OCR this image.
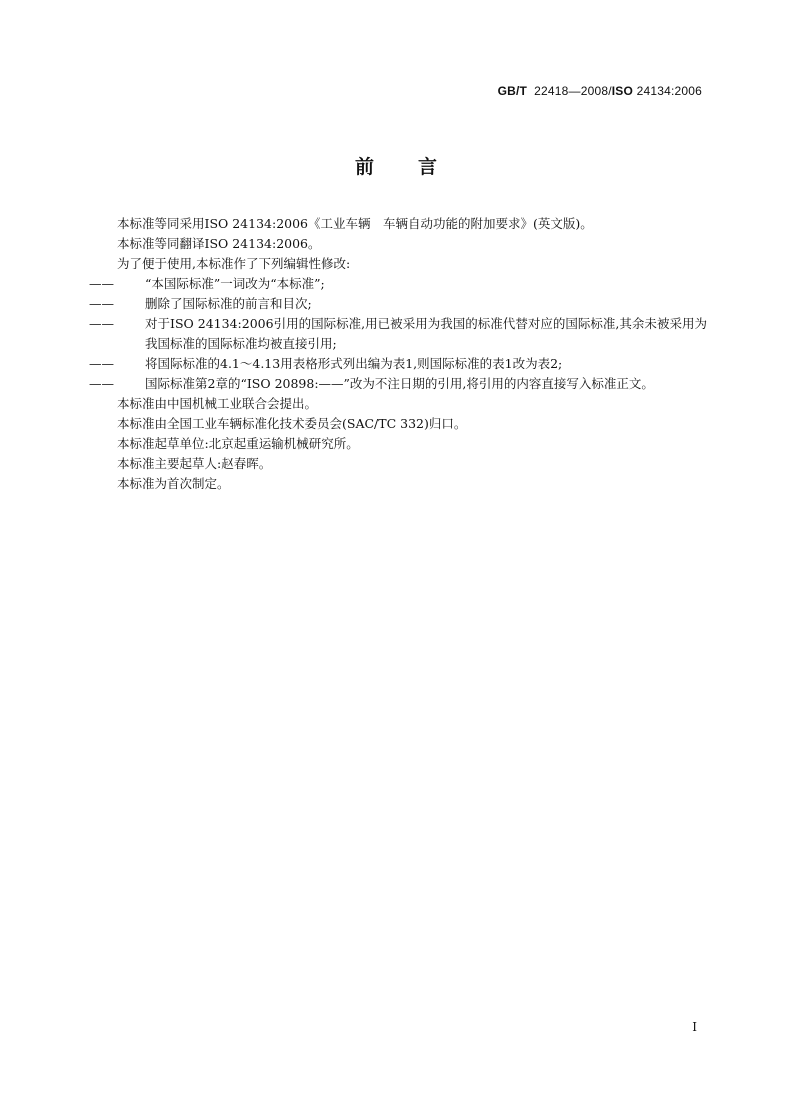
GB/T 22418—2008/ISO 24134:2006
前言
本标准等同采用ISO 24134:2006《工业车辆　车辆自动功能的附加要求》(英文版)。
本标准等同翻译ISO 24134:2006。
为了便于使用,本标准作了下列编辑性修改:
—— “本国际标准”一词改为“本标准”;
—— 删除了国际标准的前言和目次;
—— 对于ISO 24134:2006引用的国际标准,用已被采用为我国的标准代替对应的国际标准,其余未被采用为我国标准的国际标准均被直接引用;
—— 将国际标准的4.1～4.13用表格形式列出编为表1,则国际标准的表1改为表2;
—— 国际标准第2章的“ISO 20898:——”改为不注日期的引用,将引用的内容直接写入标准正文。
本标准由中国机械工业联合会提出。
本标准由全国工业车辆标准化技术委员会(SAC/TC 332)归口。
本标准起草单位:北京起重运输机械研究所。
本标准主要起草人:赵春晖。
本标准为首次制定。
I
